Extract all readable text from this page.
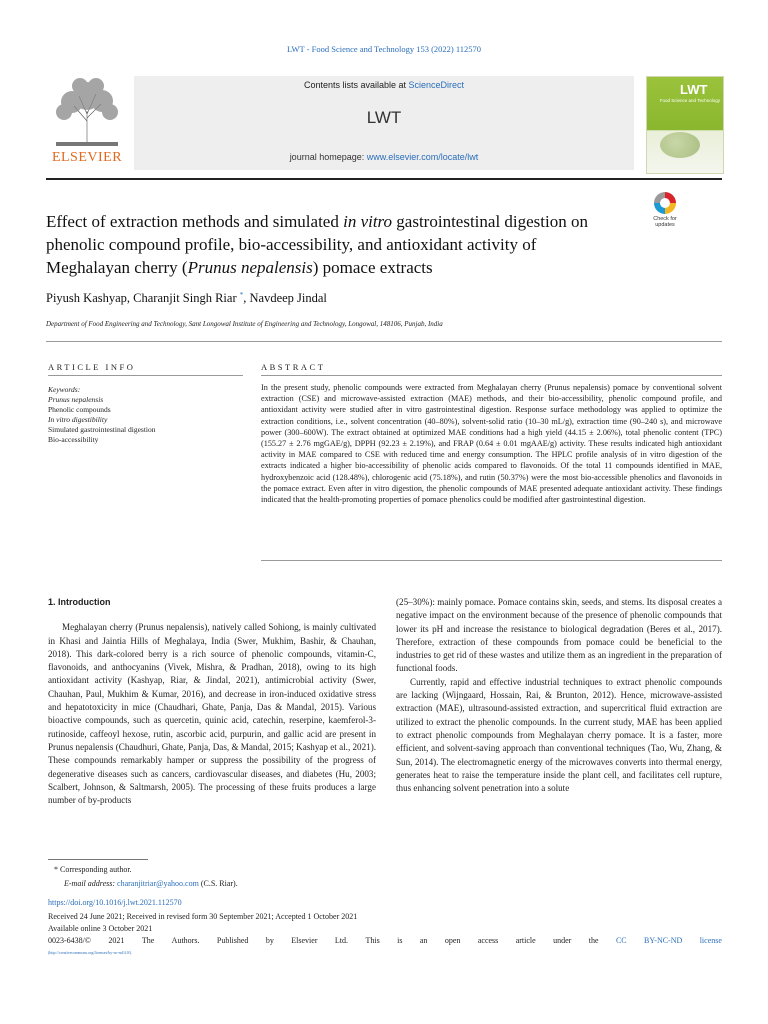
LWT - Food Science and Technology 153 (2022) 112570
ELSEVIER
Contents lists available at ScienceDirect
LWT
journal homepage: www.elsevier.com/locate/lwt
LWT
Food Science and Technology
Check for updates
Effect of extraction methods and simulated in vitro gastrointestinal digestion on phenolic compound profile, bio-accessibility, and antioxidant activity of Meghalayan cherry (Prunus nepalensis) pomace extracts
Piyush Kashyap, Charanjit Singh Riar *, Navdeep Jindal
Department of Food Engineering and Technology, Sant Longowal Institute of Engineering and Technology, Longowal, 148106, Punjab, India
ARTICLE INFO
Keywords:
Prunus nepalensis
Phenolic compounds
In vitro digestibility
Simulated gastrointestinal digestion
Bio-accessibility
ABSTRACT
In the present study, phenolic compounds were extracted from Meghalayan cherry (Prunus nepalensis) pomace by conventional solvent extraction (CSE) and microwave-assisted extraction (MAE) methods, and their bio-accessibility, phenolic compound profile, and antioxidant activity were studied after in vitro gastrointestinal digestion. Response surface methodology was applied to optimize the extraction conditions, i.e., solvent concentration (40–80%), solvent-solid ratio (10–30 mL/g), extraction time (90–240 s), and microwave power (300–600W). The extract obtained at optimized MAE conditions had a high yield (44.15 ± 2.06%), total phenolic content (TPC) (155.27 ± 2.76 mgGAE/g), DPPH (92.23 ± 2.19%), and FRAP (0.64 ± 0.01 mgAAE/g) activity. These results indicated high antioxidant activity in MAE compared to CSE with reduced time and energy consumption. The HPLC profile analysis of in vitro digestion of the extracts indicated a higher bio-accessibility of phenolic acids compared to flavonoids. Of the total 11 compounds identified in MAE, hydroxybenzoic acid (128.48%), chlorogenic acid (75.18%), and rutin (50.37%) were the most bio-accessible phenolics and flavonoids in the pomace extract. Even after in vitro digestion, the phenolic compounds of MAE presented adequate antioxidant activity. These findings indicated that the health-promoting properties of pomace phenolics could be modified after gastrointestinal digestion.
1. Introduction

Meghalayan cherry (Prunus nepalensis), natively called Sohiong, is mainly cultivated in Khasi and Jaintia Hills of Meghalaya, India (Swer, Mukhim, Bashir, & Chauhan, 2018). This dark-colored berry is a rich source of phenolic compounds, vitamin-C, flavonoids, and anthocyanins (Vivek, Mishra, & Pradhan, 2018), owing to its high antioxidant activity (Kashyap, Riar, & Jindal, 2021), antimicrobial activity (Swer, Chauhan, Paul, Mukhim & Kumar, 2016), and decrease in iron-induced oxidative stress and hepatotoxicity in mice (Chaudhari, Ghate, Panja, Das & Mandal, 2015). Various bioactive compounds, such as quercetin, quinic acid, catechin, reserpine, kaemferol-3-rutinoside, caffeoyl hexose, rutin, ascorbic acid, purpurin, and gallic acid are present in Prunus nepalensis (Chaudhuri, Ghate, Panja, Das, & Mandal, 2015; Kashyap et al., 2021). These compounds remarkably hamper or suppress the possibility of the progress of degenerative diseases such as cancers, cardiovascular diseases, and diabetes (Hu, 2003; Scalbert, Johnson, & Saltmarsh, 2005). The processing of these fruits produces a large number of by-products

(25–30%): mainly pomace. Pomace contains skin, seeds, and stems. Its disposal creates a negative impact on the environment because of the presence of phenolic compounds that lower its pH and increase the resistance to biological degradation (Beres et al., 2017). Therefore, extraction of these compounds from pomace could be beneficial to the industries to get rid of these wastes and utilize them as an ingredient in the preparation of functional foods.

Currently, rapid and effective industrial techniques to extract phenolic compounds are lacking (Wijngaard, Hossain, Rai, & Brunton, 2012). Hence, microwave-assisted extraction (MAE), ultrasound-assisted extraction, and supercritical fluid extraction are utilized to extract the phenolic compounds. In the current study, MAE has been applied to extract phenolic compounds from Meghalayan cherry pomace. It is a faster, more efficient, and solvent-saving approach than conventional techniques (Tao, Wu, Zhang, & Sun, 2014). The electromagnetic energy of the microwaves converts into thermal energy, generates heat to raise the temperature inside the plant cell, and facilitates cell rupture, thus enhancing solvent penetration into a solute

* Corresponding author.
E-mail address: charanjitriar@yahoo.com (C.S. Riar).
https://doi.org/10.1016/j.lwt.2021.112570
Received 24 June 2021; Received in revised form 30 September 2021; Accepted 1 October 2021
Available online 3 October 2021
0023-6438/© 2021 The Authors. Published by Elsevier Ltd. This is an open access article under the CC BY-NC-ND license
(http://creativecommons.org/licenses/by-nc-nd/4.0/).
